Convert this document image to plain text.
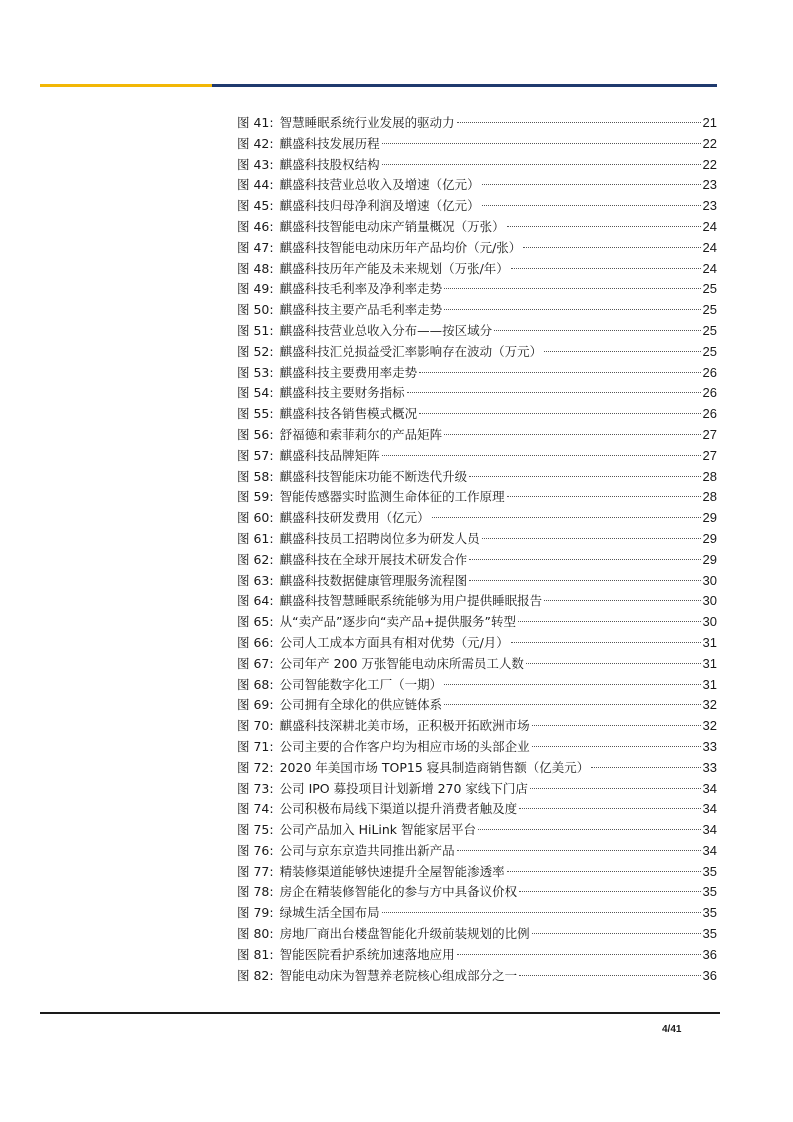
图 41: 智慧睡眠系统行业发展的驱动力	21
图 42: 麒盛科技发展历程	22
图 43: 麒盛科技股权结构	22
图 44: 麒盛科技营业总收入及增速（亿元）	23
图 45: 麒盛科技归母净利润及增速（亿元）	23
图 46: 麒盛科技智能电动床产销量概况（万张）	24
图 47: 麒盛科技智能电动床历年产品均价（元/张）	24
图 48: 麒盛科技历年产能及未来规划（万张/年）	24
图 49: 麒盛科技毛利率及净利率走势	25
图 50: 麒盛科技主要产品毛利率走势	25
图 51: 麒盛科技营业总收入分布——按区域分	25
图 52: 麒盛科技汇兑损益受汇率影响存在波动（万元）	25
图 53: 麒盛科技主要费用率走势	26
图 54: 麒盛科技主要财务指标	26
图 55: 麒盛科技各销售模式概况	26
图 56: 舒福德和索菲莉尔的产品矩阵	27
图 57: 麒盛科技品牌矩阵	27
图 58: 麒盛科技智能床功能不断迭代升级	28
图 59: 智能传感器实时监测生命体征的工作原理	28
图 60: 麒盛科技研发费用（亿元）	29
图 61: 麒盛科技员工招聘岗位多为研发人员	29
图 62: 麒盛科技在全球开展技术研发合作	29
图 63: 麒盛科技数据健康管理服务流程图	30
图 64: 麒盛科技智慧睡眠系统能够为用户提供睡眠报告	30
图 65: 从“卖产品”逐步向“卖产品+提供服务”转型	30
图 66: 公司人工成本方面具有相对优势（元/月）	31
图 67: 公司年产 200 万张智能电动床所需员工人数	31
图 68: 公司智能数字化工厂（一期）	31
图 69: 公司拥有全球化的供应链体系	32
图 70: 麒盛科技深耕北美市场，正积极开拓欧洲市场	32
图 71: 公司主要的合作客户均为相应市场的头部企业	33
图 72: 2020 年美国市场 TOP15 寝具制造商销售额（亿美元）	33
图 73: 公司 IPO 募投项目计划新增 270 家线下门店	34
图 74: 公司积极布局线下渠道以提升消费者触及度	34
图 75: 公司产品加入 HiLink 智能家居平台	34
图 76: 公司与京东京造共同推出新产品	34
图 77: 精装修渠道能够快速提升全屋智能渗透率	35
图 78: 房企在精装修智能化的参与方中具备议价权	35
图 79: 绿城生活全国布局	35
图 80: 房地厂商出台楼盘智能化升级前装规划的比例	35
图 81: 智能医院看护系统加速落地应用	36
图 82: 智能电动床为智慧养老院核心组成部分之一	36
4/41
